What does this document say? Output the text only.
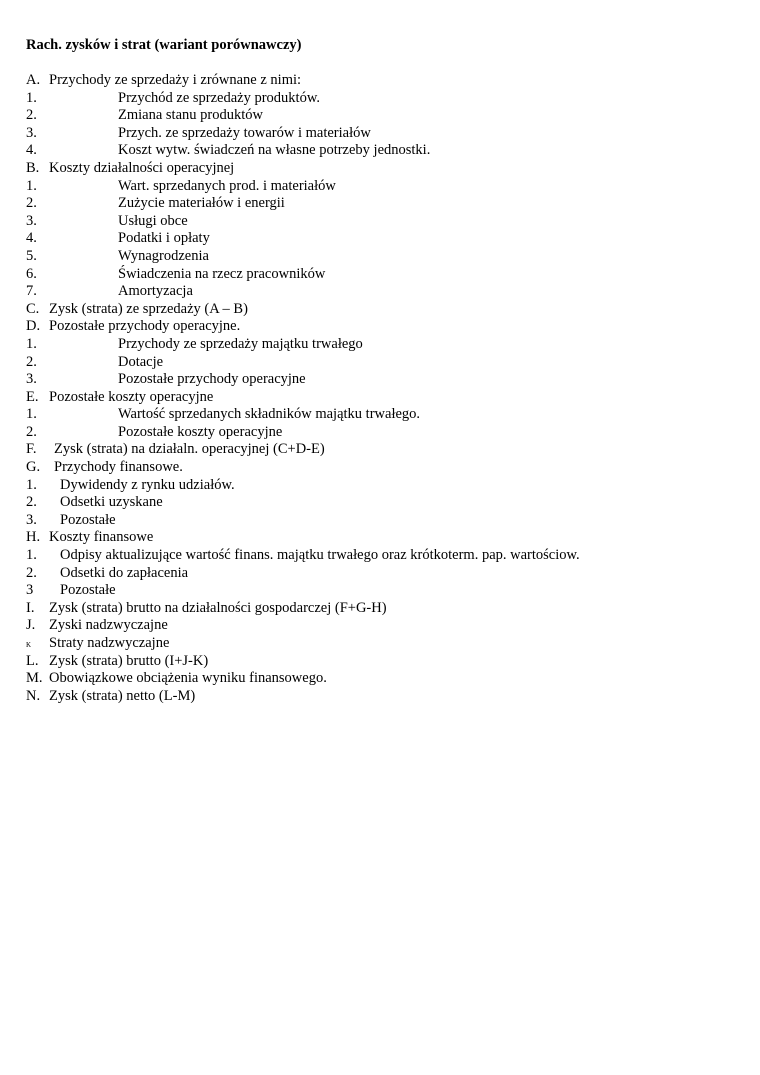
Rach. zysków i strat (wariant porównawczy)
A. Przychody ze sprzedaży i zrównane z nimi:
1.	Przychód ze sprzedaży produktów.
2.	Zmiana stanu produktów
3.	Przych. ze sprzedaży towarów i materiałów
4.	Koszt wytw. świadczeń na własne potrzeby jednostki.
B. Koszty działalności operacyjnej
1.	Wart. sprzedanych prod. i materiałów
2.	Zużycie materiałów i energii
3.	Usługi obce
4.	Podatki i opłaty
5.	Wynagrodzenia
6.	Świadczenia na rzecz pracowników
7.	Amortyzacja
C. Zysk (strata) ze sprzedaży (A – B)
D. Pozostałe przychody operacyjne.
1.	Przychody ze sprzedaży majątku trwałego
2.	Dotacje
3.	Pozostałe przychody operacyjne
E. Pozostałe koszty operacyjne
1.	Wartość sprzedanych składników majątku trwałego.
2.	Pozostałe koszty operacyjne
F. Zysk (strata) na działaln. operacyjnej (C+D-E)
G. Przychody finansowe.
1. Dywidendy z rynku udziałów.
2. Odsetki uzyskane
3. Pozostałe
H. Koszty finansowe
1. Odpisy aktualizujące wartość finans. majątku trwałego oraz krótkoterm. pap. wartościow.
2. Odsetki do zapłacenia
3 Pozostałe
I. Zysk (strata) brutto na działalności gospodarczej (F+G-H)
J. Zyski nadzwyczajne
K Straty nadzwyczajne
L. Zysk (strata) brutto (I+J-K)
M. Obowiązkowe obciążenia wyniku finansowego.
N. Zysk (strata) netto (L-M)
